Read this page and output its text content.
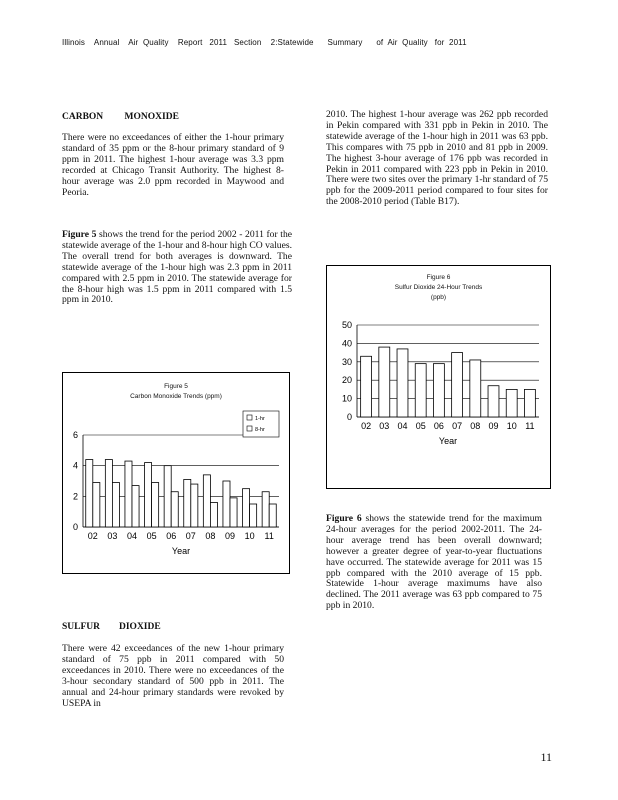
Illinois    Annual    Air  Quality    Report   2011   Section    2:Statewide      Summary      of  Air  Quality   for  2011
CARBON         MONOXIDE
There were no exceedances of either the 1-hour primary standard of 35 ppm or the 8-hour primary standard of 9 ppm in 2011. The highest 1-hour average was 3.3 ppm recorded at Chicago Transit Authority. The highest 8-hour average was 2.0 ppm recorded in Maywood and Peoria.
Figure 5 shows the trend for the period 2002 - 2011 for the statewide average of the 1-hour and 8-hour high CO values. The overall trend for both averages is downward. The statewide average of the 1-hour high was 2.3 ppm in 2011 compared with 2.5 ppm in 2010. The statewide average for the 8-hour high was 1.5 ppm in 2011 compared with 1.5 ppm in 2010.
Figure 5
Carbon Monoxide Trends (ppm)
0
2
4
6
02 03 04 05 06 07 08 09 10 11
Year
1-hr
8-hr
SULFUR        DIOXIDE
There were 42 exceedances of the new 1-hour primary standard of 75 ppb in 2011 compared with 50 exceedances in 2010. There were no exceedances of the 3-hour secondary standard of 500 ppb in 2011. The annual and 24-hour primary standards were revoked by USEPA in
2010. The highest 1-hour average was 262 ppb recorded in Pekin compared with 331 ppb in Pekin in 2010. The statewide average of the 1-hour high in 2011 was 63 ppb. This compares with 75 ppb in 2010 and 81 ppb in 2009. The highest 3-hour average of 176 ppb was recorded in Pekin in 2011 compared with 223 ppb in Pekin in 2010. There were two sites over the primary 1-hr standard of 75 ppb for the 2009-2011 period compared to four sites for the 2008-2010 period (Table B17).
Figure 6
Sulfur Dioxide 24-Hour Trends
(ppb)
0
10
20
30
40
50
02 03 04 05 06 07 08 09 10 11
Year
Figure 6 shows the statewide trend for the maximum 24-hour averages for the period 2002-2011. The 24-hour average trend has been overall downward; however a greater degree of year-to-year fluctuations have occurred. The statewide average for 2011 was 15 ppb compared with the 2010 average of 15 ppb. Statewide 1-hour average maximums have also declined. The 2011 average was 63 ppb compared to 75 ppb in 2010.
11
